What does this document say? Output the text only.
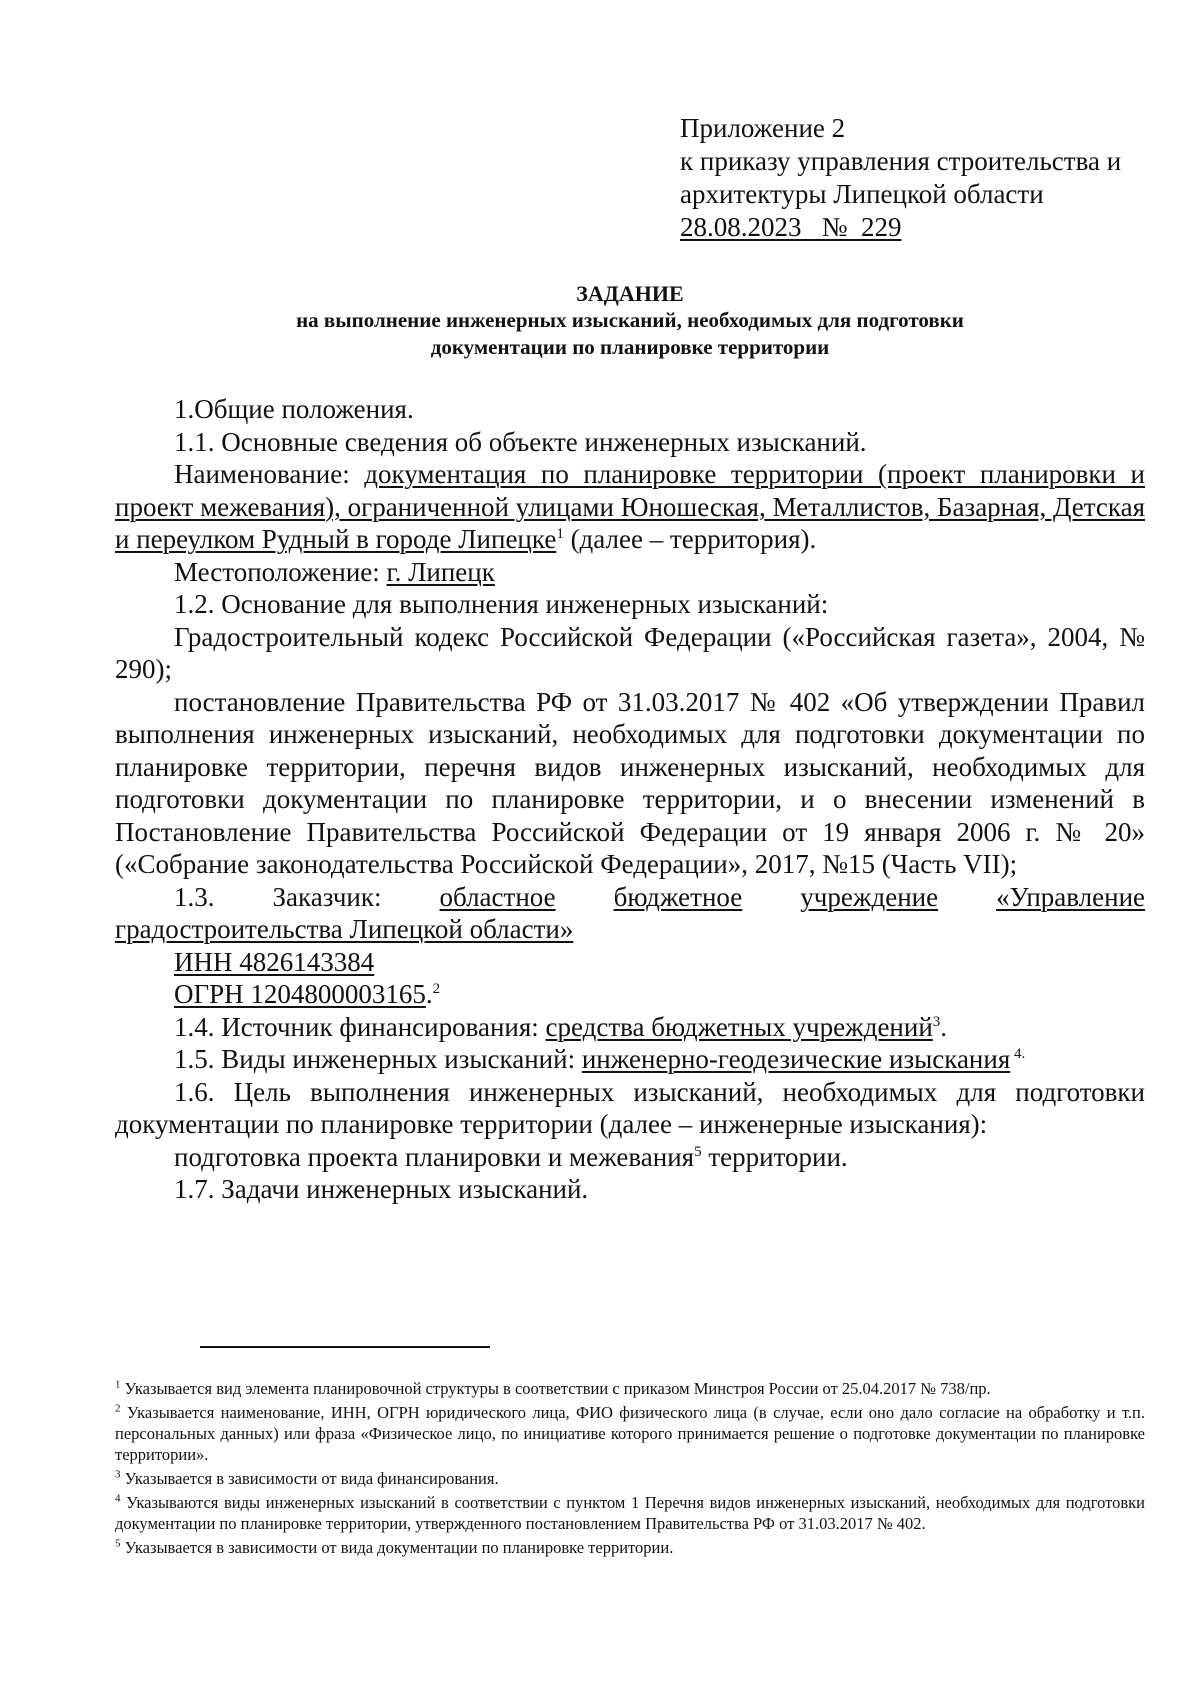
Приложение 2
к приказу управления строительства и
архитектуры Липецкой области
28.08.2023   №  229
ЗАДАНИЕ
на выполнение инженерных изысканий, необходимых для подготовки
документации по планировке территории

1.Общие положения.

1.1. Основные сведения об объекте инженерных изысканий.

Наименование: документация по планировке территории (проект планировки и проект межевания), ограниченной улицами Юношеская, Металлистов, Базарная, Детская и переулком Рудный в городе Липецке$^1$ (далее – территория).

Местоположение: г. Липецк

1.2. Основание для выполнения инженерных изысканий:

Градостроительный кодекс Российской Федерации («Российская газета», 2004, № 290);

постановление Правительства РФ от 31.03.2017 № 402 «Об утверждении Правил выполнения инженерных изысканий, необходимых для подготовки документации по планировке территории, перечня видов инженерных изысканий, необходимых для подготовки документации по планировке территории, и о внесении изменений в Постановление Правительства Российской Федерации от 19 января 2006 г. № 20» («Собрание законодательства Российской Федерации», 2017, №15 (Часть VII);

1.3. Заказчик: областное бюджетное учреждение «Управление

градостроительства Липецкой области»

ИНН 4826143384

ОГРН 1204800003165.$^2$

1.4. Источник финансирования: средства бюджетных учреждений$^3$.

1.5. Виды инженерных изысканий: инженерно-геодезические изыскания $^{4.}$

1.6. Цель выполнения инженерных изысканий, необходимых для подготовки документации по планировке территории (далее – инженерные изыскания):

подготовка проекта планировки и межевания$^5$ территории.

1.7. Задачи инженерных изысканий.

$^1$ Указывается вид элемента планировочной структуры в соответствии с приказом Минстроя России от 25.04.2017 № 738/пр.

$^2$ Указывается наименование, ИНН, ОГРН юридического лица, ФИО физического лица (в случае, если оно дало согласие на обработку и т.п. персональных данных) или фраза «Физическое лицо, по инициативе которого принимается решение о подготовке документации по планировке территории».

$^3$ Указывается в зависимости от вида финансирования.

$^4$ Указываются виды инженерных изысканий в соответствии с пунктом 1 Перечня видов инженерных изысканий, необходимых для подготовки документации по планировке территории, утвержденного постановлением Правительства РФ от 31.03.2017 № 402.

$^5$ Указывается в зависимости от вида документации по планировке территории.
